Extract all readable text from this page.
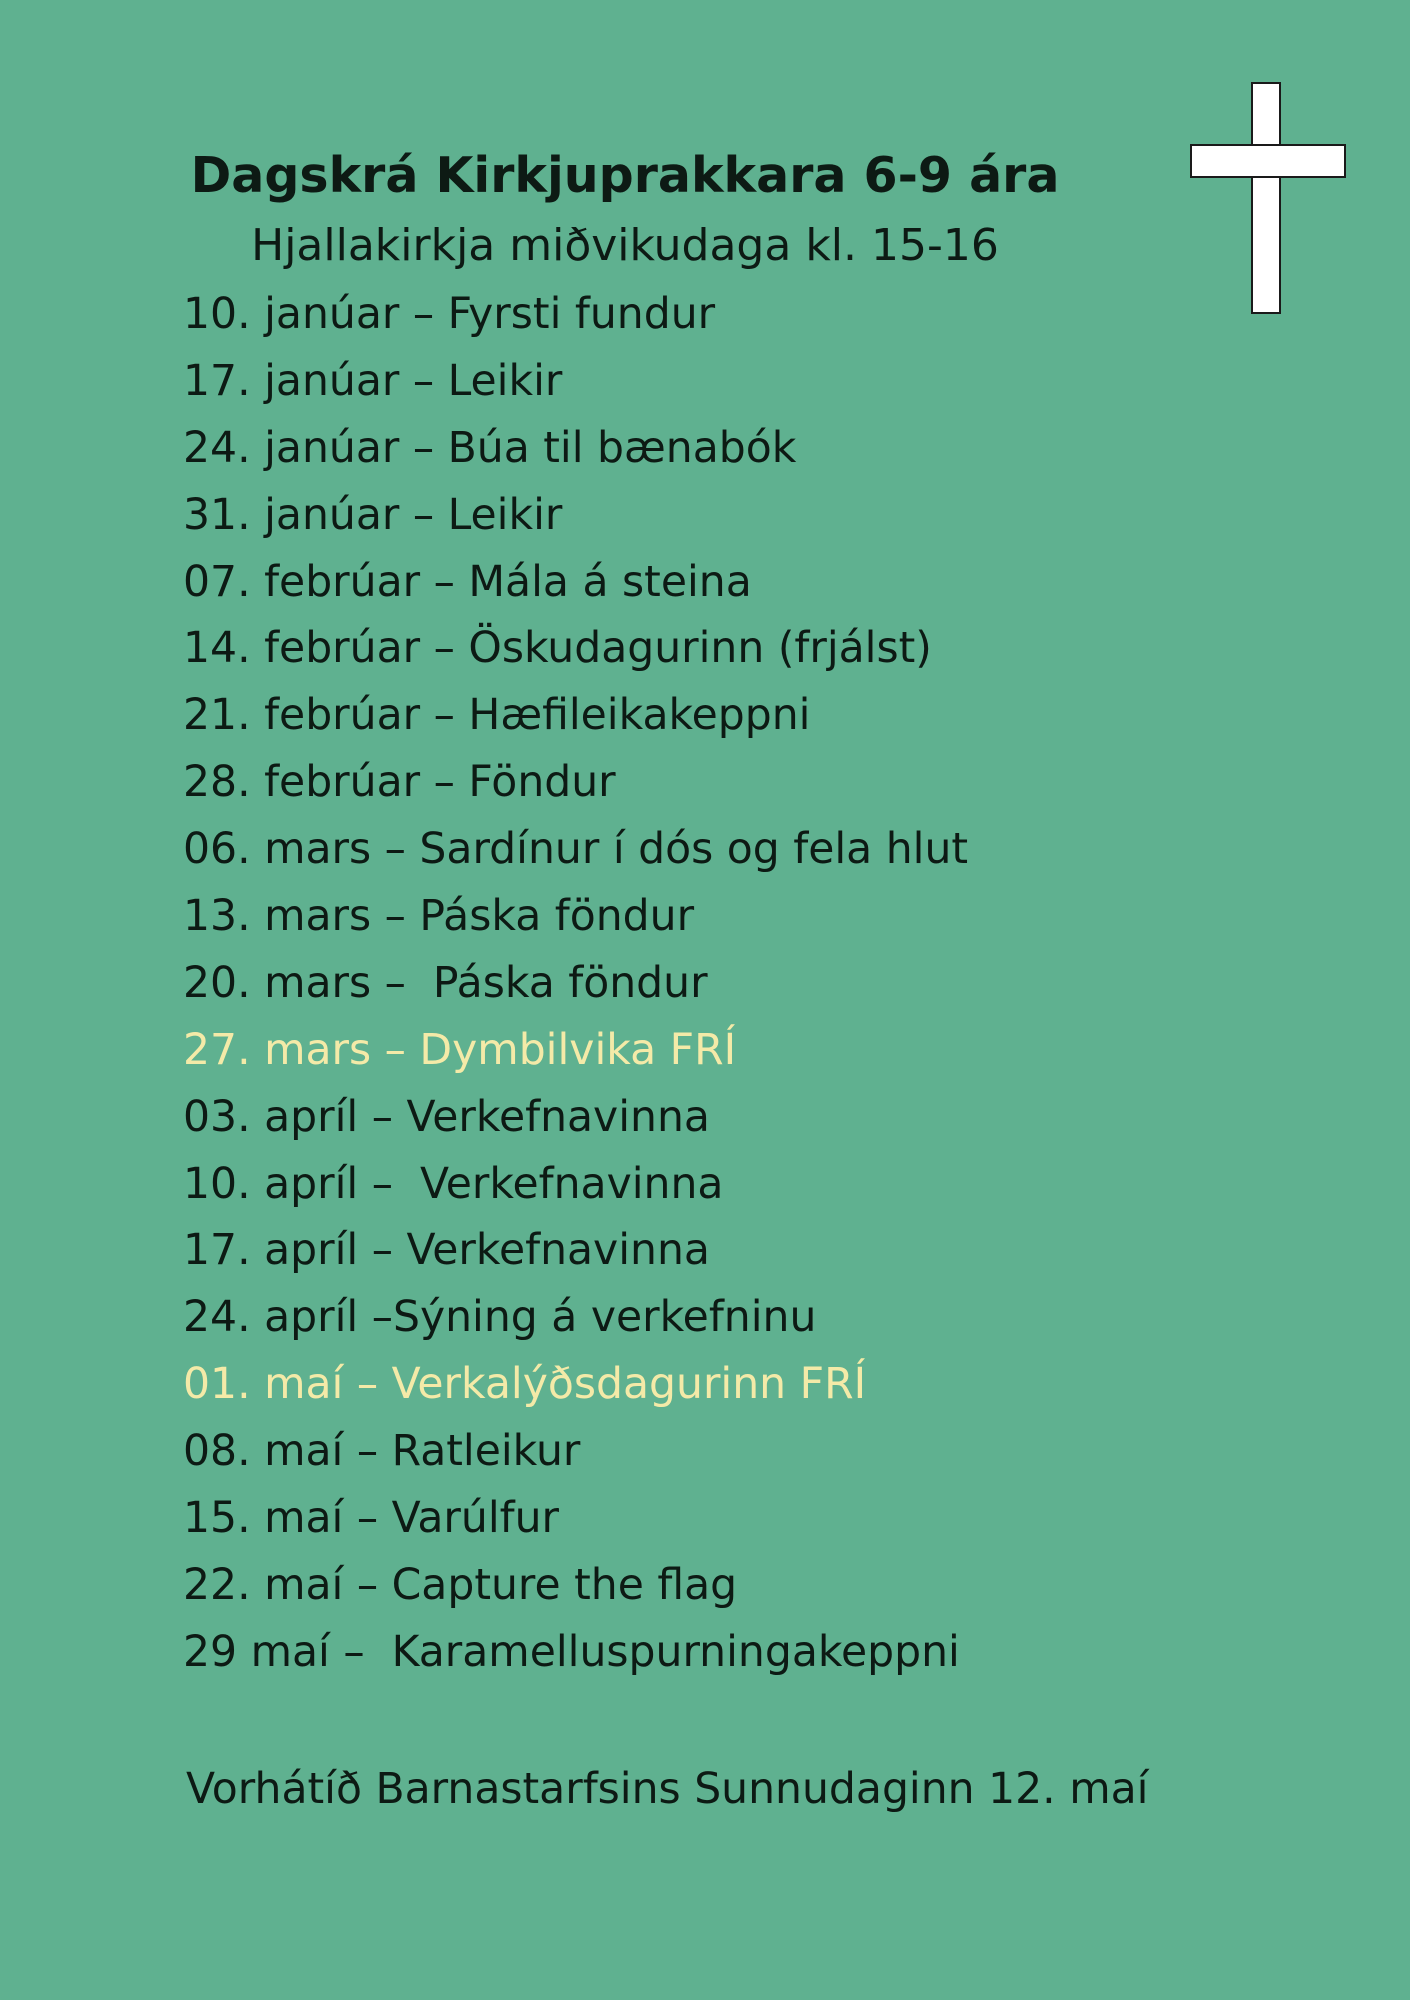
Dagskrá Kirkjuprakkara 6-9 ára

Hjallakirkja miðvikudaga kl. 15-16

10. janúar – Fyrsti fundur
17. janúar – Leikir
24. janúar – Búa til bænabók
31. janúar – Leikir
07. febrúar – Mála á steina
14. febrúar – Öskudagurinn (frjálst)
21. febrúar – Hæfileikakeppni
28. febrúar – Föndur
06. mars – Sardínur í dós og fela hlut
13. mars – Páska föndur
20. mars –  Páska föndur
27. mars – Dymbilvika FRÍ
03. apríl – Verkefnavinna
10. apríl –  Verkefnavinna
17. apríl – Verkefnavinna
24. apríl –Sýning á verkefninu
01. maí – Verkalýðsdagurinn FRÍ
08. maí – Ratleikur
15. maí – Varúlfur
22. maí – Capture the flag
29 maí –  Karamelluspurningakeppni
Vorhátíð Barnastarfsins Sunnudaginn 12. maí
